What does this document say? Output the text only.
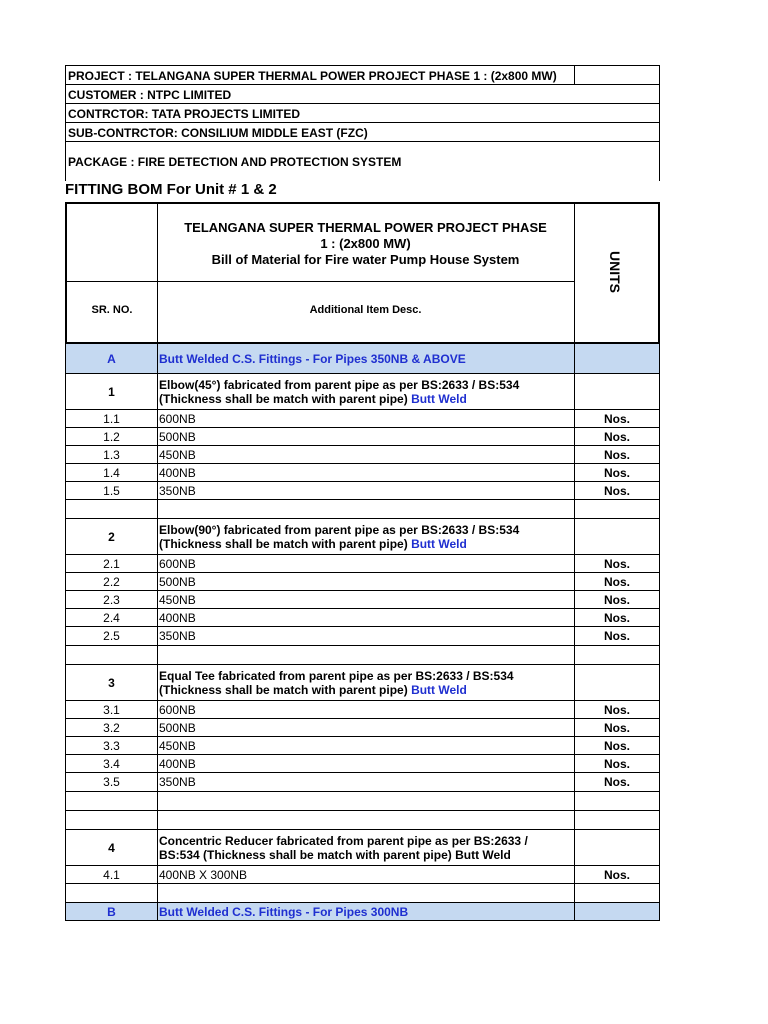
PROJECT : TELANGANA SUPER THERMAL POWER PROJECT PHASE 1 : (2x800 MW)
CUSTOMER : NTPC LIMITED
CONTRCTOR: TATA PROJECTS LIMITED
SUB-CONTRCTOR: CONSILIUM MIDDLE EAST (FZC)
PACKAGE : FIRE DETECTION AND PROTECTION SYSTEM
FITTING BOM For Unit # 1 & 2
TELANGANA SUPER THERMAL POWER PROJECT PHASE
1 : (2x800 MW)
Bill of Material for Fire water Pump House System
SR. NO.	Additional Item Desc.
UNITS
A	Butt Welded C.S. Fittings - For Pipes 350NB & ABOVE
1	Elbow(45°) fabricated from parent pipe as per BS:2633 / BS:534
(Thickness shall be match with parent pipe) Butt Weld
1.1	600NB	Nos.
1.2	500NB	Nos.
1.3	450NB	Nos.
1.4	400NB	Nos.
1.5	350NB	Nos.
2	Elbow(90°) fabricated from parent pipe as per BS:2633 / BS:534
(Thickness shall be match with parent pipe) Butt Weld
2.1	600NB	Nos.
2.2	500NB	Nos.
2.3	450NB	Nos.
2.4	400NB	Nos.
2.5	350NB	Nos.
3	Equal Tee fabricated from parent pipe as per BS:2633 / BS:534
(Thickness shall be match with parent pipe) Butt Weld
3.1	600NB	Nos.
3.2	500NB	Nos.
3.3	450NB	Nos.
3.4	400NB	Nos.
3.5	350NB	Nos.
4	Concentric Reducer fabricated from parent pipe as per BS:2633 /
BS:534 (Thickness shall be match with parent pipe) Butt Weld
4.1	400NB X 300NB	Nos.
B	Butt Welded C.S. Fittings - For Pipes 300NB
